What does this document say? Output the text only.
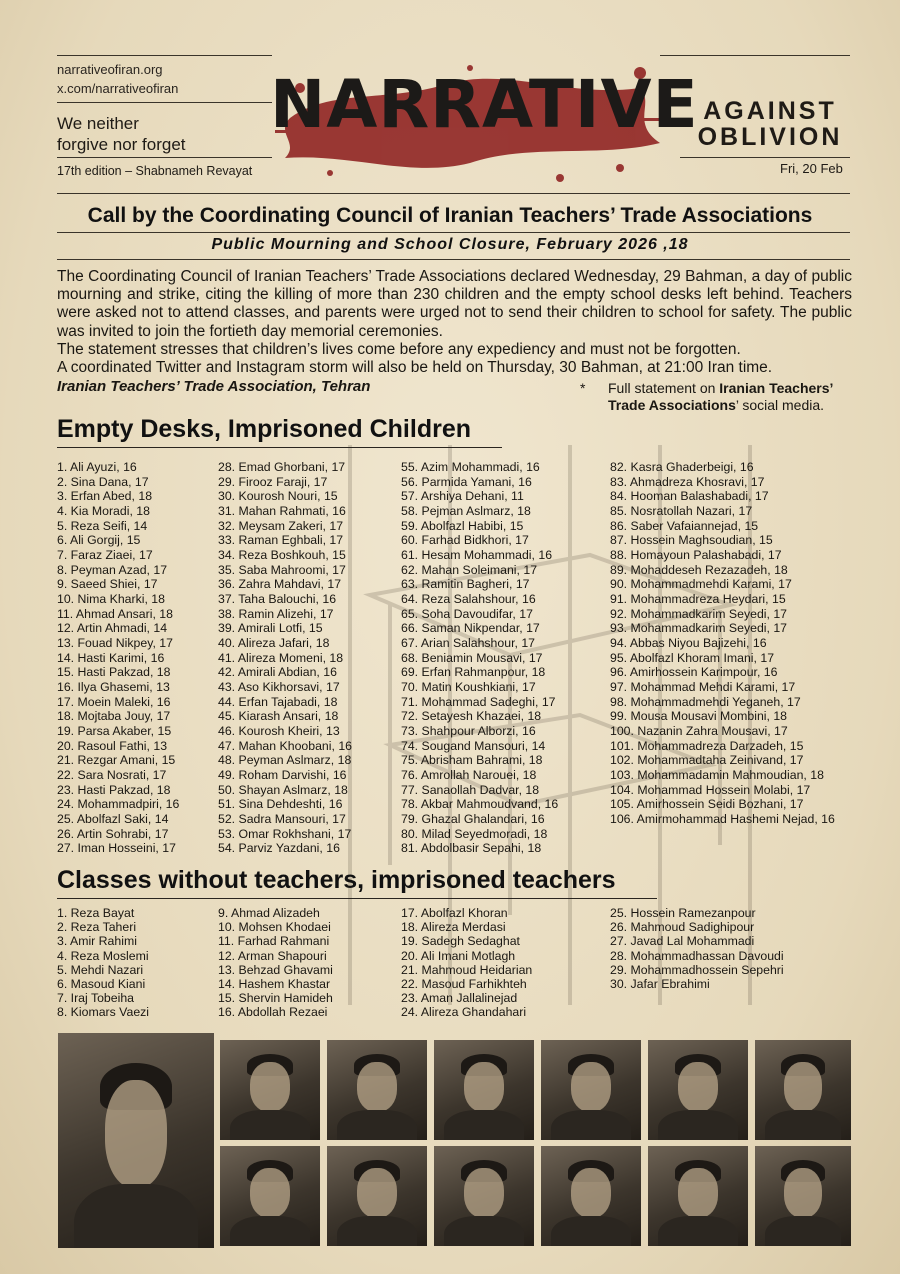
narrativeofiran.org
x.com/narrativeofiran
We neither
forgive nor forget
17th edition – Shabnameh Revayat
NARRATIVE AGAINST
OBLIVION
Fri, 20 Feb
Call by the Coordinating Council of Iranian Teachers’ Trade Associations
Public Mourning and School Closure, February 2026 ,18

The Coordinating Council of Iranian Teachers’ Trade Associations declared Wednesday, 29 Bahman, a day of public mourning and strike, citing the killing of more than 230 children and the empty school desks left behind. Teachers were asked not to attend classes, and parents were urged not to send their children to school for safety. The public was invited to join the fortieth day memorial ceremonies.

The statement stresses that children’s lives come before any expediency and must not be forgotten.

A coordinated Twitter and Instagram storm will also be held on Thursday, 30 Bahman, at 21:00 Iran time.

Iranian Teachers’ Trade Association, Tehran	* Full statement on Iranian Teachers’ Trade Associations’ social media.
Empty Desks, Imprisoned Children
1. Ali Ayuzi, 16
2. Sina Dana, 17
3. Erfan Abed, 18
4. Kia Moradi, 18
5. Reza Seifi, 14
6. Ali Gorgij, 15
7. Faraz Ziaei, 17
8. Peyman Azad, 17
9. Saeed Shiei, 17
10. Nima Kharki, 18
11. Ahmad Ansari, 18
12. Artin Ahmadi, 14
13. Fouad Nikpey, 17
14. Hasti Karimi, 16
15. Hasti Pakzad, 18
16. Ilya Ghasemi, 13
17. Moein Maleki, 16
18. Mojtaba Jouy, 17
19. Parsa Akaber, 15
20. Rasoul Fathi, 13
21. Rezgar Amani, 15
22. Sara Nosrati, 17
23. Hasti Pakzad, 18
24. Mohammadpiri, 16
25. Abolfazl Saki, 14
26. Artin Sohrabi, 17
27. Iman Hosseini, 17
28. Emad Ghorbani, 17
29. Firooz Faraji, 17
30. Kourosh Nouri, 15
31. Mahan Rahmati, 16
32. Meysam Zakeri, 17
33. Raman Eghbali, 17
34. Reza Boshkouh, 15
35. Saba Mahroomi, 17
36. Zahra Mahdavi, 17
37. Taha Balouchi, 16
38. Ramin Alizehi, 17
39. Amirali Lotfi, 15
40. Alireza Jafari, 18
41. Alireza Momeni, 18
42. Amirali Abdian, 16
43. Aso Kikhorsavi, 17
44. Erfan Tajabadi, 18
45. Kiarash Ansari, 18
46. Kourosh Kheiri, 13
47. Mahan Khoobani, 16
48. Peyman Aslmarz, 18
49. Roham Darvishi, 16
50. Shayan Aslmarz, 18
51. Sina Dehdeshti, 16
52. Sadra Mansouri, 17
53. Omar Rokhshani, 17
54. Parviz Yazdani, 16
55. Azim Mohammadi, 16
56. Parmida Yamani, 16
57. Arshiya Dehani, 11
58. Pejman Aslmarz, 18
59. Abolfazl Habibi, 15
60. Farhad Bidkhori, 17
61. Hesam Mohammadi, 16
62. Mahan Soleimani, 17
63. Ramitin Bagheri, 17
64. Reza Salahshour, 16
65. Soha Davoudifar, 17
66. Saman Nikpendar, 17
67. Arian Salahshour, 17
68. Beniamin Mousavi, 17
69. Erfan Rahmanpour, 18
70. Matin Koushkiani, 17
71. Mohammad Sadeghi, 17
72. Setayesh Khazaei, 18
73. Shahpour Alborzi, 16
74. Sougand Mansouri, 14
75. Abrisham Bahrami, 18
76. Amrollah Narouei, 18
77. Sanaollah Dadvar, 18
78. Akbar Mahmoudvand, 16
79. Ghazal Ghalandari, 16
80. Milad Seyedmoradi, 18
81. Abdolbasir Sepahi, 18
82. Kasra Ghaderbeigi, 16
83. Ahmadreza Khosravi, 17
84. Hooman Balashabadi, 17
85. Nosratollah Nazari, 17
86. Saber Vafaiannejad, 15
87. Hossein Maghsoudian, 15
88. Homayoun Palashabadi, 17
89. Mohaddeseh Rezazadeh, 18
90. Mohammadmehdi Karami, 17
91. Mohammadreza Heydari, 15
92. Mohammadkarim Seyedi, 17
93. Mohammadkarim Seyedi, 17
94. Abbas Niyou Bajizehi, 16
95. Abolfazl Khoram Imani, 17
96. Amirhossein Karimpour, 16
97. Mohammad Mehdi Karami, 17
98. Mohammadmehdi Yeganeh, 17
99. Mousa Mousavi Mombini, 18
100. Nazanin Zahra Mousavi, 17
101. Mohammadreza Darzadeh, 15
102. Mohammadtaha Zeinivand, 17
103. Mohammadamin Mahmoudian, 18
104. Mohammad Hossein Molabi, 17
105. Amirhossein Seidi Bozhani, 17
106. Amirmohammad Hashemi Nejad, 16
Classes without teachers, imprisoned teachers
1. Reza Bayat
2. Reza Taheri
3. Amir Rahimi
4. Reza Moslemi
5. Mehdi Nazari
6. Masoud Kiani
7. Iraj Tobeiha
8. Kiomars Vaezi
9. Ahmad Alizadeh
10. Mohsen Khodaei
11. Farhad Rahmani
12. Arman Shapouri
13. Behzad Ghavami
14. Hashem Khastar
15. Shervin Hamideh
16. Abdollah Rezaei
17. Abolfazl Khoran
18. Alireza Merdasi
19. Sadegh Sedaghat
20. Ali Imani Motlagh
21. Mahmoud Heidarian
22. Masoud Farhikhteh
23. Aman Jallalinejad
24. Alireza Ghandahari
25. Hossein Ramezanpour
26. Mahmoud Sadighipour
27. Javad Lal Mohammadi
28. Mohammadhassan Davoudi
29. Mohammadhossein Sepehri
30. Jafar Ebrahimi
